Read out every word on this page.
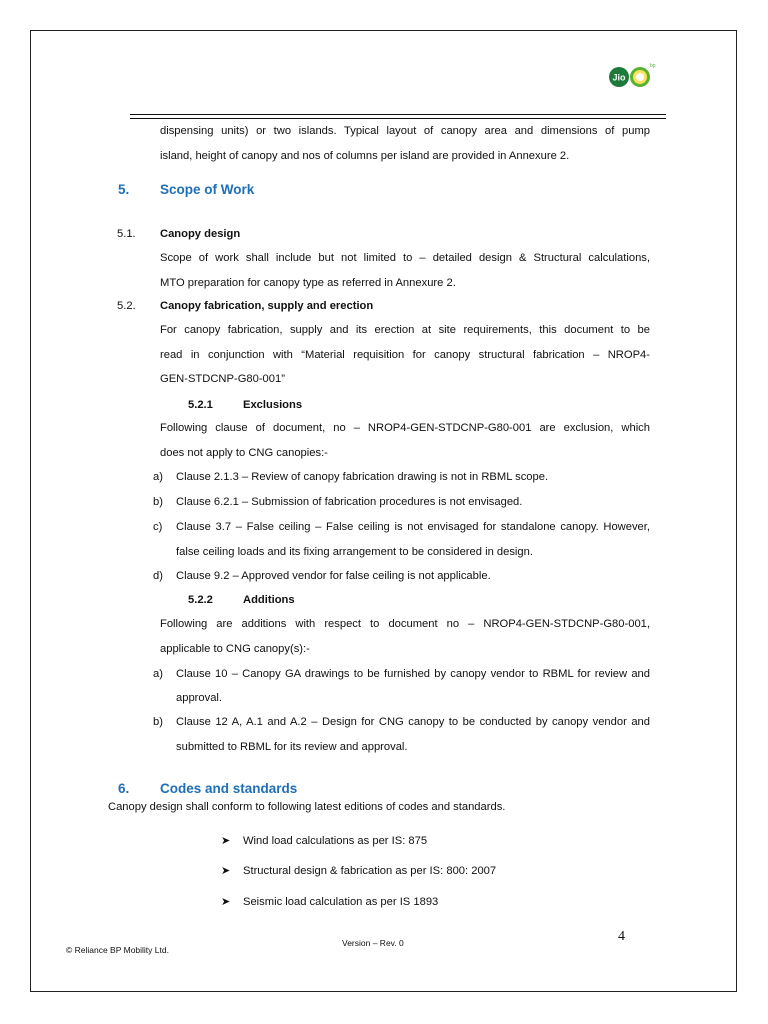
Jio
bp
dispensing units) or two islands. Typical layout of canopy area and dimensions of pump
island, height of canopy and nos of columns per island are provided in Annexure 2.
5. Scope of Work
5.1. Canopy design
Scope of work shall include but not limited to – detailed design & Structural calculations,
MTO preparation for canopy type as referred in Annexure 2.
5.2. Canopy fabrication, supply and erection
For canopy fabrication, supply and its erection at site requirements, this document to be
read in conjunction with “Material requisition for canopy structural fabrication – NROP4-
GEN-STDCNP-G80-001”
5.2.1	Exclusions
Following clause of document, no – NROP4-GEN-STDCNP-G80-001 are exclusion, which
does not apply to CNG canopies:-
a) Clause 2.1.3 – Review of canopy fabrication drawing is not in RBML scope.
b) Clause 6.2.1 – Submission of fabrication procedures is not envisaged.
c) Clause 3.7 – False ceiling – False ceiling is not envisaged for standalone canopy. However,
false ceiling loads and its fixing arrangement to be considered in design.
d) Clause 9.2 – Approved vendor for false ceiling is not applicable.
5.2.2	Additions
Following are additions with respect to document no – NROP4-GEN-STDCNP-G80-001,
applicable to CNG canopy(s):-
a) Clause 10 – Canopy GA drawings to be furnished by canopy vendor to RBML for review and
approval.
b) Clause 12 A, A.1 and A.2 – Design for CNG canopy to be conducted by canopy vendor and
submitted to RBML for its review and approval.
6. Codes and standards
Canopy design shall conform to following latest editions of codes and standards.
➤ Wind load calculations as per IS: 875
➤ Structural design & fabrication as per IS: 800: 2007
➤ Seismic load calculation as per IS 1893
© Reliance BP Mobility Ltd.
Version – Rev. 0	4
